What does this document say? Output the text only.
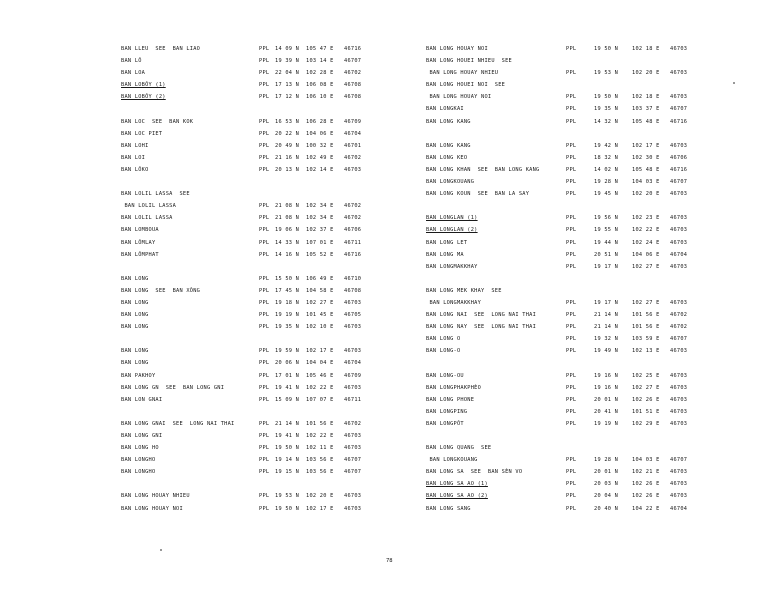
BAN LLEU  SEE  BAN LIAO	PPL 14 09 N 105 47 E 46716
BAN LÔ	PPL 19 39 N 103 14 E 46707
BAN LOA	PPL 22 04 N 102 28 E 46702
BAN LOBÔY (1)	PPL 17 13 N 106 08 E 46708
BAN LOBÔY (2)	PPL 17 12 N 106 10 E 46708
BAN LOC  SEE  BAN KOK	PPL 16 53 N 106 28 E 46709
BAN LOC PIET	PPL 20 22 N 104 06 E 46704
BAN LOHI	PPL 20 49 N 100 32 E 46701
BAN LOI	PPL 21 16 N 102 49 E 46702
BAN LÔKO	PPL 20 13 N 102 14 E 46703
BAN LOLIL LASSA  SEE
BAN LOLIL LASSA	PPL 21 08 N 102 34 E 46702
BAN LOLIL LASSA	PPL 21 08 N 102 34 E 46702
BAN LOMBOUA	PPL 19 06 N 102 37 E 46706
BAN LÔMLAY	PPL 14 33 N 107 01 E 46711
BAN LÔMPHAT	PPL 14 16 N 105 52 E 46716
BAN LONG	PPL 15 50 N 106 49 E 46710
BAN LONG  SEE  BAN XÔNG	PPL 17 45 N 104 58 E 46708
BAN LONG	PPL 19 18 N 102 27 E 46703
BAN LONG	PPL 19 19 N 101 45 E 46705
BAN LONG	PPL 19 35 N 102 10 E 46703
BAN LONG	PPL 19 59 N 102 17 E 46703
BAN LONG	PPL 20 06 N 104 04 E 46704
BAN PAKHOY	PPL 17 01 N 105 46 E 46709
BAN LONG GN  SEE  BAN LONG GNI	PPL 19 41 N 102 22 E 46703
BAN LON GNAI	PPL 15 09 N 107 07 E 46711
BAN LONG GNAI  SEE  LONG NAI THAI	PPL 21 14 N 101 56 E 46702
BAN LONG GNI	PPL 19 41 N 102 22 E 46703
BAN LONG HO	PPL 19 50 N 102 11 E 46703
BAN LONGHO	PPL 19 14 N 103 56 E 46707
BAN LONGHO	PPL 19 15 N 103 56 E 46707
BAN LONG HOUAY NHIEU	PPL 19 53 N 102 20 E 46703
BAN LONG HOUAY NOI	PPL 19 50 N 102 17 E 46703
BAN LONG HOUAY NOI	PPL	19 50 N	102 18 E 46703
BAN LONG HOUEI NHIEU  SEE
BAN LONG HOUAY NHIEU	PPL	19 53 N	102 20 E 46703
BAN LONG HOUEI NOI  SEE
BAN LONG HOUAY NOI	PPL	19 50 N	102 18 E 46703
BAN LONGKAI	PPL	19 35 N	103 37 E 46707
BAN LONG KANG	PPL	14 32 N	105 48 E 46716
BAN LONG KANG	PPL	19 42 N	102 17 E 46703
BAN LONG KEO	PPL	18 32 N	102 30 E 46706
BAN LONG KHAN  SEE  BAN LONG KANG	PPL	14 02 N	105 48 E 46716
BAN LONGKOUANG	PPL	19 28 N	104 03 E 46707
BAN LONG KOUN  SEE  BAN LA SAY	PPL	19 45 N	102 20 E 46703
BAN LONGLAN (1)	PPL	19 56 N	102 23 E 46703
BAN LONGLAN (2)	PPL	19 55 N	102 22 E 46703
BAN LONG LET	PPL	19 44 N	102 24 E 46703
BAN LONG MA	PPL	20 51 N	104 06 E 46704
BAN LONGMAKKHAY	PPL	19 17 N	102 27 E 46703
BAN LONG MEK KHAY  SEE
BAN LONGMAKKHAY	PPL	19 17 N	102 27 E 46703
BAN LONG NAI  SEE  LONG NAI THAI	PPL	21 14 N	101 56 E 46702
BAN LONG NAY  SEE  LONG NAI THAI	PPL	21 14 N	101 56 E 46702
BAN LONG O	PPL	19 32 N	103 59 E 46707
BAN LONG-O	PPL	19 49 N	102 13 E 46703
BAN LONG-OU	PPL	19 16 N	102 25 E 46703
BAN LONGPHAKPHÈO	PPL	19 16 N	102 27 E 46703
BAN LONG PHONE	PPL	20 01 N	102 26 E 46703
BAN LONGPING	PPL	20 41 N	101 51 E 46703
BAN LONGPÔT	PPL	19 19 N	102 29 E 46703
BAN LONG QUANG  SEE
BAN LONGKOUANG	PPL	19 28 N	104 03 E 46707
BAN LONG SA  SEE  BAN SÈN VO	PPL	20 01 N	102 21 E 46703
BAN LONG SA AO (1)	PPL	20 03 N	102 26 E 46703
BAN LONG SA AO (2)	PPL	20 04 N	102 26 E 46703
BAN LONG SANG	PPL	20 40 N	104 22 E 46704
78
